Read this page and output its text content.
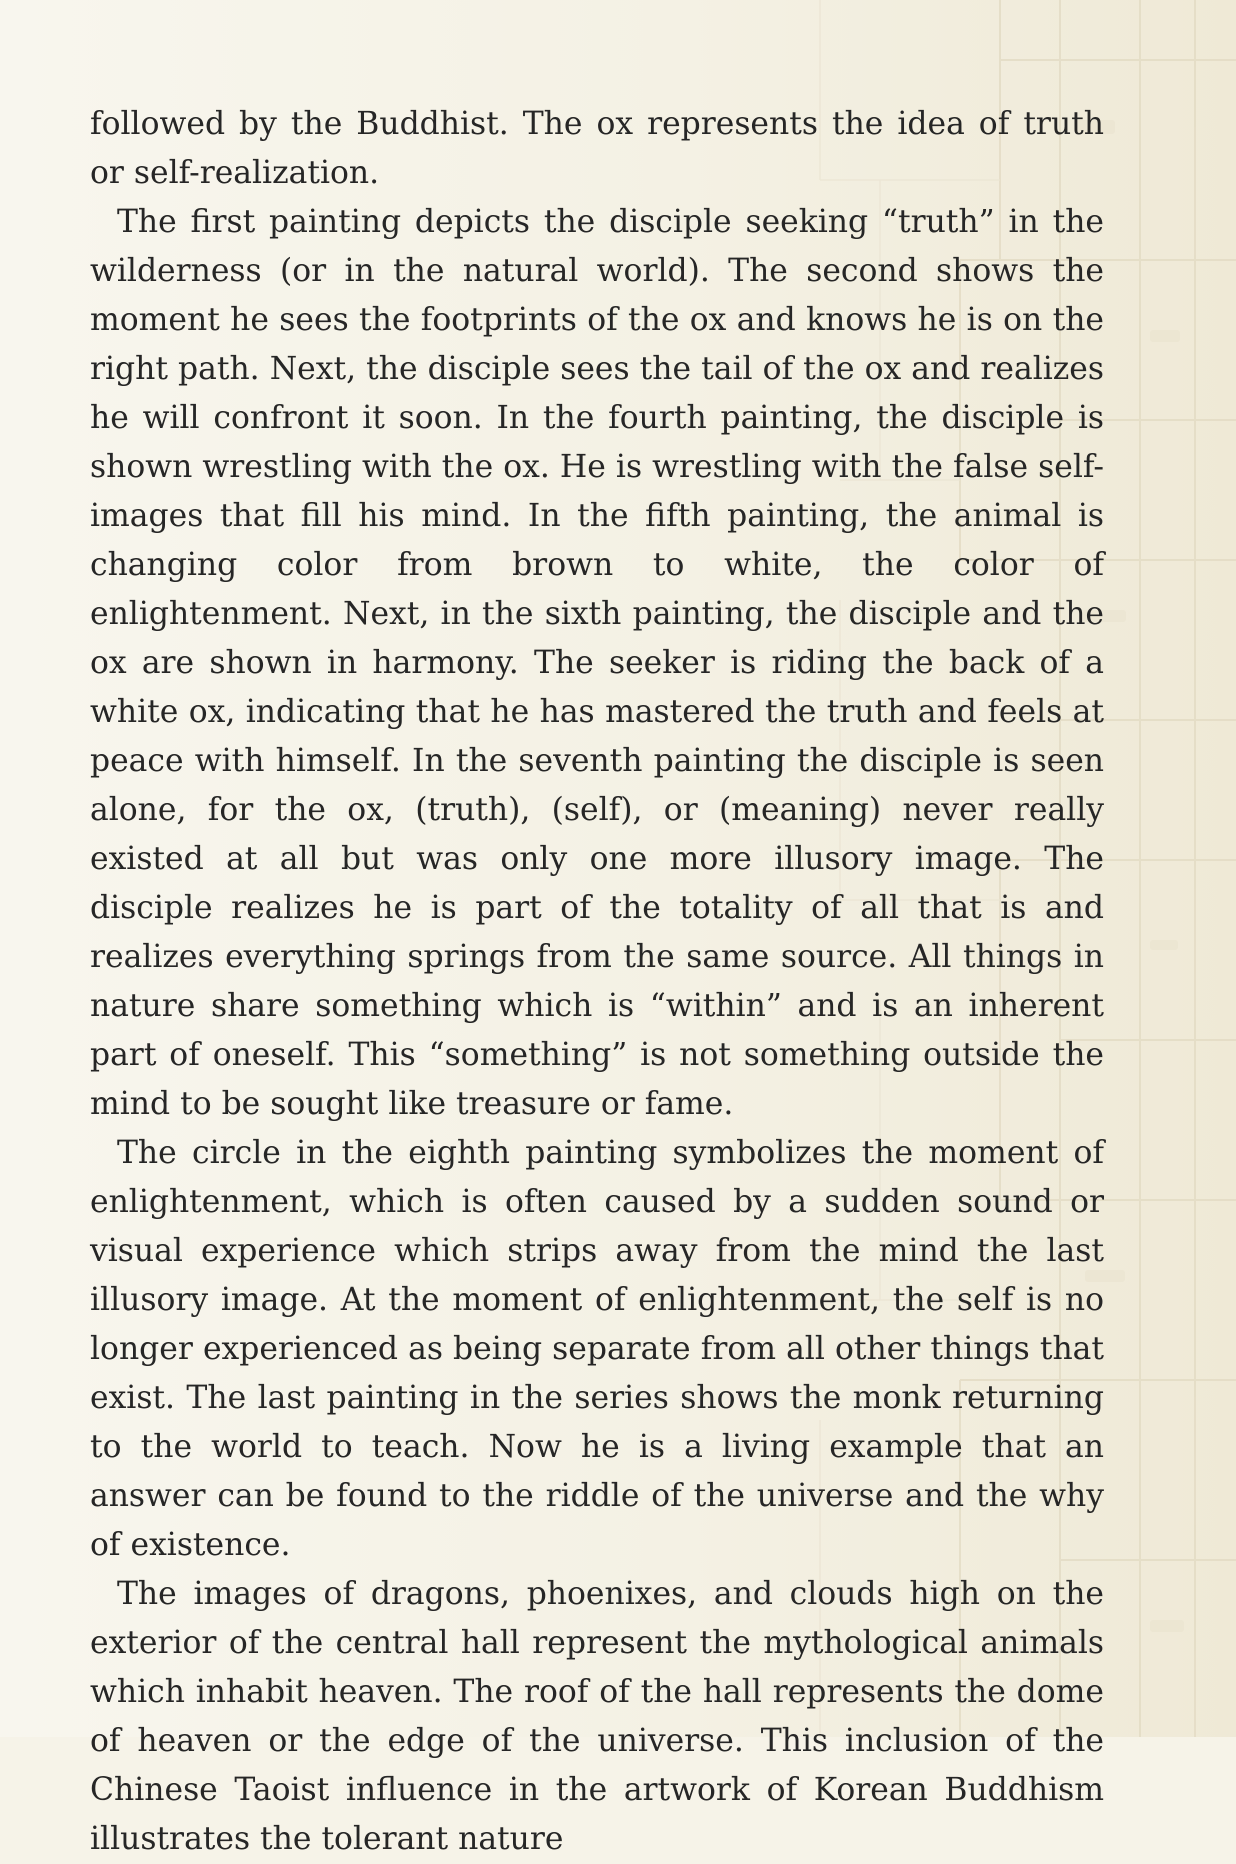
followed by the Buddhist. The ox represents the idea of truth or self-realization.

The first painting depicts the disciple seeking “truth” in the wilderness (or in the natural world). The second shows the moment he sees the footprints of the ox and knows he is on the right path. Next, the disciple sees the tail of the ox and realizes he will confront it soon. In the fourth painting, the disciple is shown wrestling with the ox. He is wrestling with the false self-images that fill his mind. In the fifth painting, the animal is changing color from brown to white, the color of enlightenment. Next, in the sixth painting, the disciple and the ox are shown in harmony. The seeker is riding the back of a white ox, indicating that he has mastered the truth and feels at peace with himself. In the seventh painting the disciple is seen alone, for the ox, (truth), (self), or (meaning) never really existed at all but was only one more illusory image. The disciple realizes he is part of the totality of all that is and realizes everything springs from the same source. All things in nature share something which is “within” and is an inherent part of oneself. This “something” is not something outside the mind to be sought like treasure or fame.

The circle in the eighth painting symbolizes the moment of enlightenment, which is often caused by a sudden sound or visual experience which strips away from the mind the last illusory image. At the moment of enlightenment, the self is no longer experienced as being separate from all other things that exist. The last painting in the series shows the monk returning to the world to teach. Now he is a living example that an answer can be found to the riddle of the universe and the why of existence.

The images of dragons, phoenixes, and clouds high on the exterior of the central hall represent the mythological animals which inhabit heaven. The roof of the hall represents the dome of heaven or the edge of the universe. This inclusion of the Chinese Taoist influence in the artwork of Korean Buddhism illustrates the tolerant nature
